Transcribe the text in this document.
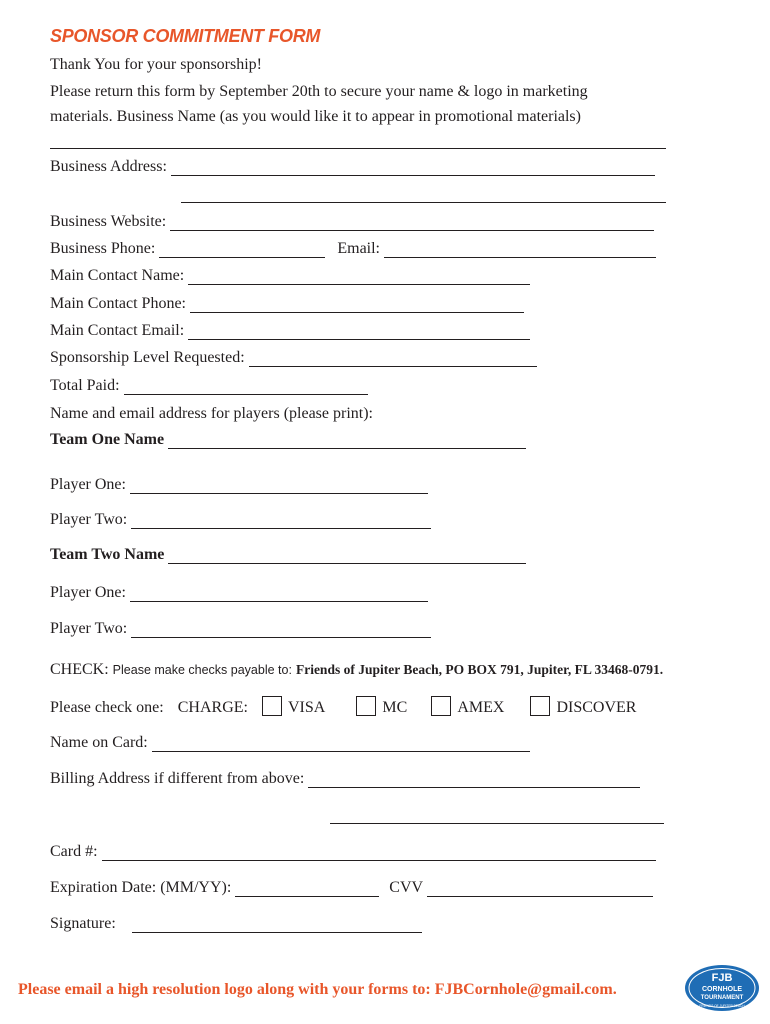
SPONSOR COMMITMENT FORM
Thank You for your sponsorship!
Please return this form by September 20th to secure your name & logo in marketing
materials. Business Name (as you would like it to appear in promotional materials)
Business Address:
Business Website:
Business Phone:	Email:
Main Contact Name:
Main Contact Phone:
Main Contact Email:
Sponsorship Level Requested:
Total Paid:
Name and email address for players (please print):
Team One Name
Player One:
Player Two:
Team Two Name
Player One:
Player Two:
CHECK: Please make checks payable to: Friends of Jupiter Beach, PO BOX 791, Jupiter, FL 33468-0791.
Please check one: CHARGE:	VISA	MC	AMEX	DISCOVER
Name on Card:
Billing Address if different from above:
Card #:
Expiration Date: (MM/YY):	CVV
Signature:
Please email a high resolution logo along with your forms to: FJBCornhole@gmail.com.
FJB
CORNHOLE
TOURNAMENT
FRIENDS OF JUPITER BEACH
